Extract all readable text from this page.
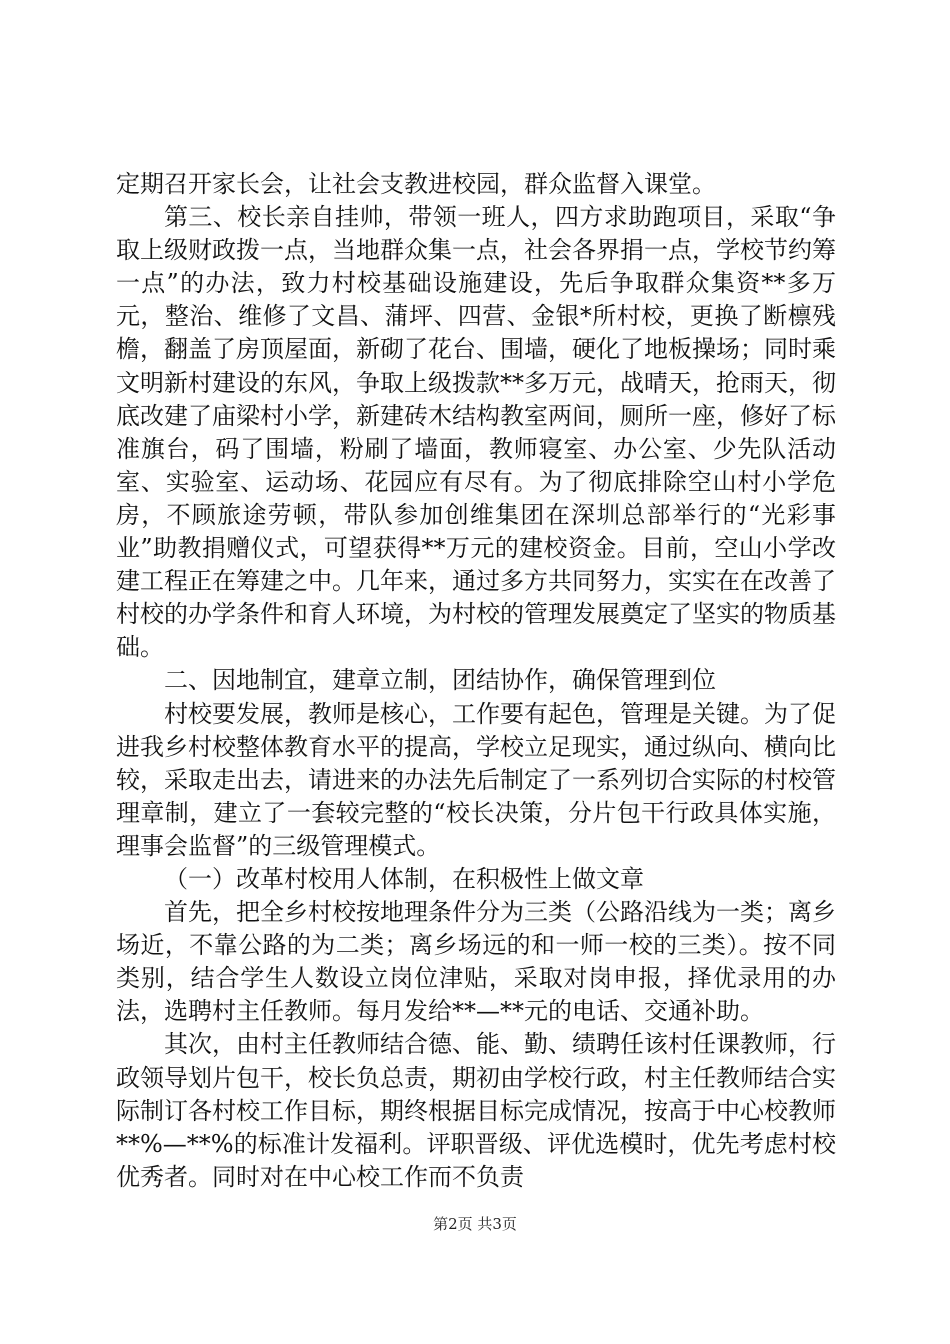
定期召开家长会，让社会支教进校园，群众监督入课堂。

第三、校长亲自挂帅，带领一班人，四方求助跑项目，采取“争取上级财政拨一点，当地群众集一点，社会各界捐一点，学校节约筹一点”的办法，致力村校基础设施建设，先后争取群众集资**多万元，整治、维修了文昌、蒲坪、四营、金银*所村校，更换了断檩残檐，翻盖了房顶屋面，新砌了花台、围墙，硬化了地板操场；同时乘文明新村建设的东风，争取上级拨款**多万元，战晴天，抢雨天，彻底改建了庙梁村小学，新建砖木结构教室两间，厕所一座，修好了标准旗台，码了围墙，粉刷了墙面，教师寝室、办公室、少先队活动室、实验室、运动场、花园应有尽有。为了彻底排除空山村小学危房，不顾旅途劳顿，带队参加创维集团在深圳总部举行的“光彩事业”助教捐赠仪式，可望获得**万元的建校资金。目前，空山小学改建工程正在筹建之中。几年来，通过多方共同努力，实实在在改善了村校的办学条件和育人环境，为村校的管理发展奠定了坚实的物质基础。

二、因地制宜，建章立制，团结协作，确保管理到位

村校要发展，教师是核心，工作要有起色，管理是关键。为了促进我乡村校整体教育水平的提高，学校立足现实，通过纵向、横向比较，采取走出去，请进来的办法先后制定了一系列切合实际的村校管理章制，建立了一套较完整的“校长决策，分片包干行政具体实施，理事会监督”的三级管理模式。

（一）改革村校用人体制，在积极性上做文章

首先，把全乡村校按地理条件分为三类（公路沿线为一类；离乡场近，不靠公路的为二类；离乡场远的和一师一校的三类）。按不同类别，结合学生人数设立岗位津贴，采取对岗申报，择优录用的办法，选聘村主任教师。每月发给**—**元的电话、交通补助。

其次，由村主任教师结合德、能、勤、绩聘任该村任课教师，行政领导划片包干，校长负总责，期初由学校行政，村主任教师结合实际制订各村校工作目标，期终根据目标完成情况，按高于中心校教师**%—**%的标准计发福利。评职晋级、评优选模时，优先考虑村校优秀者。同时对在中心校工作而不负责

第2页 共3页
